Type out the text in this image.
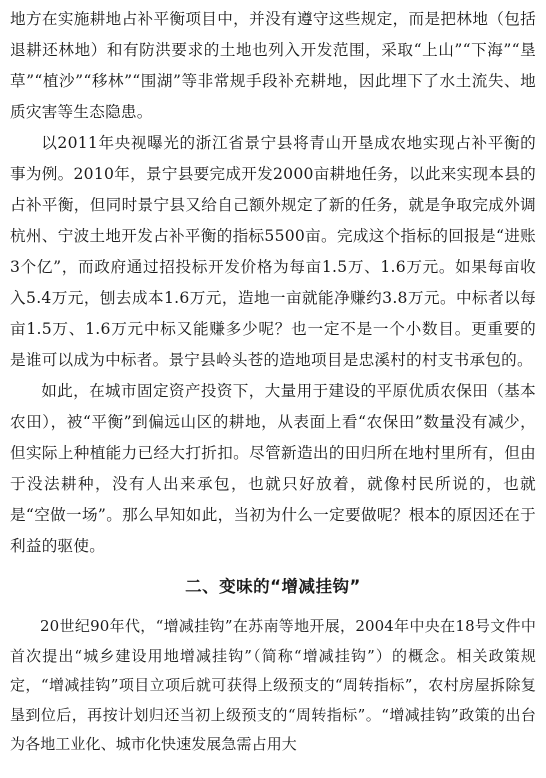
地方在实施耕地占补平衡项目中，并没有遵守这些规定，而是把林地（包括退耕还林地）和有防洪要求的土地也列入开发范围，采取“上山”“下海”“垦草”“植沙”“移林”“围湖”等非常规手段补充耕地，因此埋下了水土流失、地质灾害等生态隐患。

以2011年央视曝光的浙江省景宁县将青山开垦成农地实现占补平衡的事为例。2010年，景宁县要完成开发2000亩耕地任务，以此来实现本县的占补平衡，但同时景宁县又给自己额外规定了新的任务，就是争取完成外调杭州、宁波土地开发占补平衡的指标5500亩。完成这个指标的回报是“进账3个亿”，而政府通过招投标开发价格为每亩1.5万、1.6万元。如果每亩收入5.4万元，刨去成本1.6万元，造地一亩就能净赚约3.8万元。中标者以每亩1.5万、1.6万元中标又能赚多少呢？也一定不是一个小数目。更重要的是谁可以成为中标者。景宁县岭头苍的造地项目是忠溪村的村支书承包的。

如此，在城市固定资产投资下，大量用于建设的平原优质农保田（基本农田），被“平衡”到偏远山区的耕地，从表面上看“农保田”数量没有减少，但实际上种植能力已经大打折扣。尽管新造出的田归所在地村里所有，但由于没法耕种，没有人出来承包，也就只好放着，就像村民所说的，也就是“空做一场”。那么早知如此，当初为什么一定要做呢？根本的原因还在于利益的驱使。

二、变味的“增减挂钩”

20世纪90年代，“增减挂钩”在苏南等地开展，2004年中央在18号文件中首次提出“城乡建设用地增减挂钩”（简称“增减挂钩”）的概念。相关政策规定，“增减挂钩”项目立项后就可获得上级预支的“周转指标”，农村房屋拆除复垦到位后，再按计划归还当初上级预支的“周转指标”。“增减挂钩”政策的出台为各地工业化、城市化快速发展急需占用大
